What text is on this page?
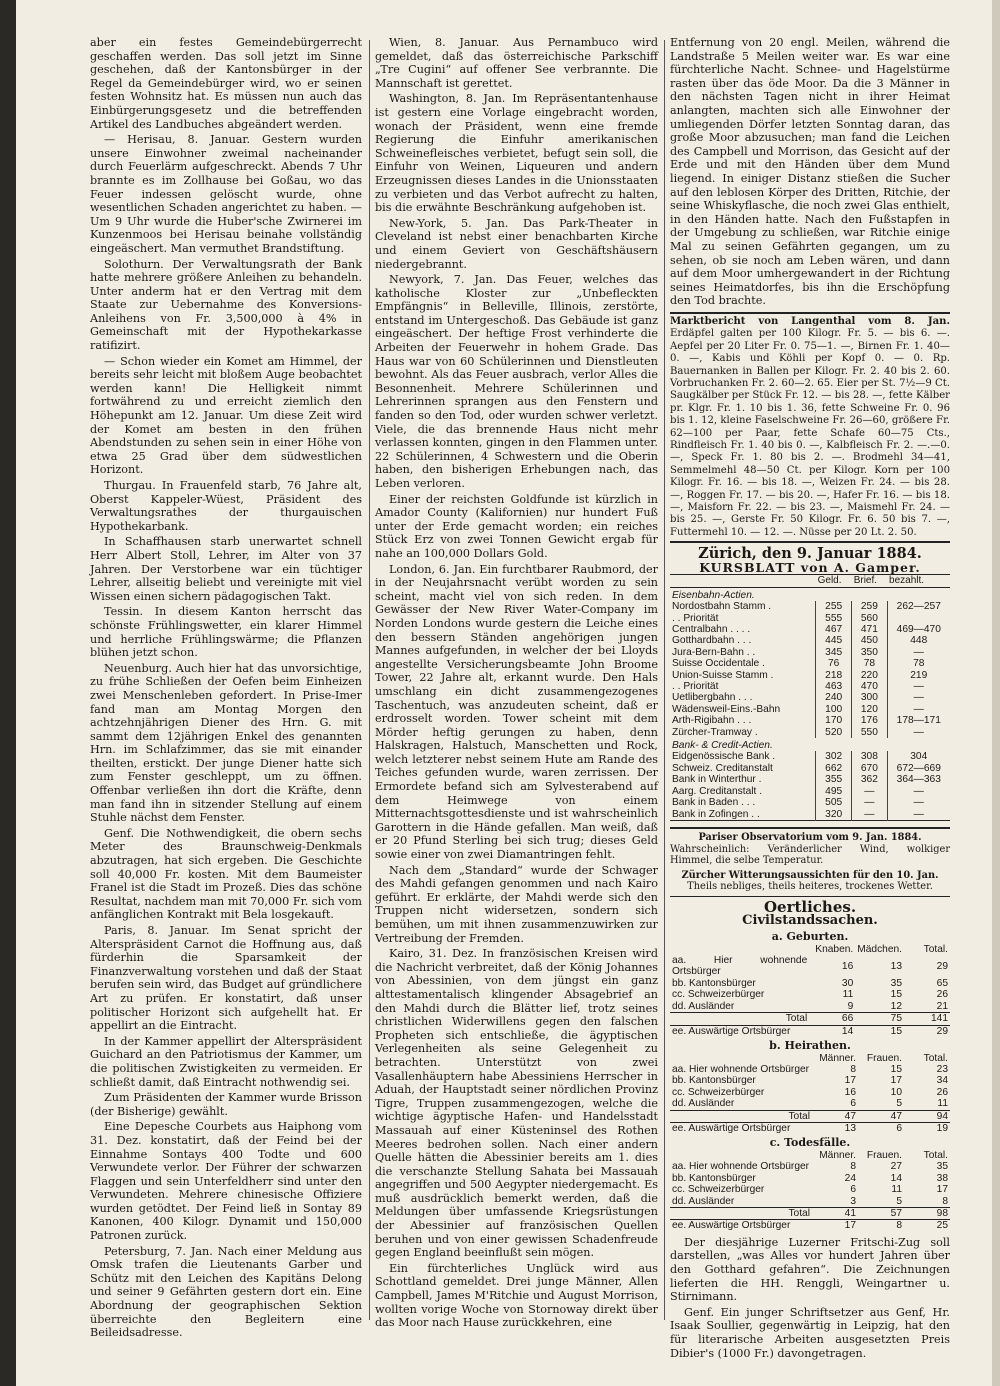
aber ein festes Gemeindebürgerrecht geschaffen werden. Das soll jetzt im Sinne geschehen, daß der Kantonsbürger in der Regel da Gemeindebürger wird, wo er seinen festen Wohnsitz hat. Es müssen nun auch das Einbürgerungsgesetz und die betreffenden Artikel des Landbuches abgeändert werden.

— Herisau, 8. Januar. Gestern wurden unsere Einwohner zweimal nacheinander durch Feuerlärm aufgeschreckt. Abends 7 Uhr brannte es im Zollhause bei Goßau, wo das Feuer indessen gelöscht wurde, ohne wesentlichen Schaden angerichtet zu haben. — Um 9 Uhr wurde die Huber'sche Zwirnerei im Kunzenmoos bei Herisau beinahe vollständig eingeäschert. Man vermuthet Brandstiftung.

Solothurn. Der Verwaltungsrath der Bank hatte mehrere größere Anleihen zu behandeln. Unter anderm hat er den Vertrag mit dem Staate zur Uebernahme des Konversions-Anleihens von Fr. 3,500,000 à 4% in Gemeinschaft mit der Hypothekarkasse ratifizirt.

— Schon wieder ein Komet am Himmel, der bereits sehr leicht mit bloßem Auge beobachtet werden kann! Die Helligkeit nimmt fortwährend zu und erreicht ziemlich den Höhepunkt am 12. Januar. Um diese Zeit wird der Komet am besten in den frühen Abendstunden zu sehen sein in einer Höhe von etwa 25 Grad über dem südwestlichen Horizont.

Thurgau. In Frauenfeld starb, 76 Jahre alt, Oberst Kappeler-Wüest, Präsident des Verwaltungsrathes der thurgauischen Hypothekarbank.

In Schaffhausen starb unerwartet schnell Herr Albert Stoll, Lehrer, im Alter von 37 Jahren. Der Verstorbene war ein tüchtiger Lehrer, allseitig beliebt und vereinigte mit viel Wissen einen sichern pädagogischen Takt.

Tessin. In diesem Kanton herrscht das schönste Frühlingswetter, ein klarer Himmel und herrliche Frühlingswärme; die Pflanzen blühen jetzt schon.

Neuenburg. Auch hier hat das unvorsichtige, zu frühe Schließen der Oefen beim Einheizen zwei Menschenleben gefordert. In Prise-Imer fand man am Montag Morgen den achtzehnjährigen Diener des Hrn. G. mit sammt dem 12jährigen Enkel des genannten Hrn. im Schlafzimmer, das sie mit einander theilten, erstickt. Der junge Diener hatte sich zum Fenster geschleppt, um zu öffnen. Offenbar verließen ihn dort die Kräfte, denn man fand ihn in sitzender Stellung auf einem Stuhle nächst dem Fenster.

Genf. Die Nothwendigkeit, die obern sechs Meter des Braunschweig-Denkmals abzutragen, hat sich ergeben. Die Geschichte soll 40,000 Fr. kosten. Mit dem Baumeister Franel ist die Stadt im Prozeß. Dies das schöne Resultat, nachdem man mit 70,000 Fr. sich vom anfänglichen Kontrakt mit Bela losgekauft.

Paris, 8. Januar. Im Senat spricht der Alterspräsident Carnot die Hoffnung aus, daß fürderhin die Sparsamkeit der Finanzverwaltung vorstehen und daß der Staat berufen sein wird, das Budget auf gründlichere Art zu prüfen. Er konstatirt, daß unser politischer Horizont sich aufgehellt hat. Er appellirt an die Eintracht.

In der Kammer appellirt der Alterspräsident Guichard an den Patriotismus der Kammer, um die politischen Zwistigkeiten zu vermeiden. Er schließt damit, daß Eintracht nothwendig sei.

Zum Präsidenten der Kammer wurde Brisson (der Bisherige) gewählt.

Eine Depesche Courbets aus Haiphong vom 31. Dez. konstatirt, daß der Feind bei der Einnahme Sontays 400 Todte und 600 Verwundete verlor. Der Führer der schwarzen Flaggen und sein Unterfeldherr sind unter den Verwundeten. Mehrere chinesische Offiziere wurden getödtet. Der Feind ließ in Sontay 89 Kanonen, 400 Kilogr. Dynamit und 150,000 Patronen zurück.

Petersburg, 7. Jan. Nach einer Meldung aus Omsk trafen die Lieutenants Garber und Schütz mit den Leichen des Kapitäns Delong und seiner 9 Gefährten gestern dort ein. Eine Abordnung der geographischen Sektion überreichte den Begleitern eine Beileidsadresse.

Wien, 8. Januar. Aus Pernambuco wird gemeldet, daß das österreichische Parkschiff „Tre Cugini“ auf offener See verbrannte. Die Mannschaft ist gerettet.

Washington, 8. Jan. Im Repräsentantenhause ist gestern eine Vorlage eingebracht worden, wonach der Präsident, wenn eine fremde Regierung die Einfuhr amerikanischen Schweinefleisches verbietet, befugt sein soll, die Einfuhr von Weinen, Liqueuren und andern Erzeugnissen dieses Landes in die Unionsstaaten zu verbieten und das Verbot aufrecht zu halten, bis die erwähnte Beschränkung aufgehoben ist.

New-York, 5. Jan. Das Park-Theater in Cleveland ist nebst einer benachbarten Kirche und einem Geviert von Geschäftshäusern niedergebrannt.

Newyork, 7. Jan. Das Feuer, welches das katholische Kloster zur „Unbefleckten Empfängnis“ in Belleville, Illinois, zerstörte, entstand im Untergeschoß. Das Gebäude ist ganz eingeäschert. Der heftige Frost verhinderte die Arbeiten der Feuerwehr in hohem Grade. Das Haus war von 60 Schülerinnen und Dienstleuten bewohnt. Als das Feuer ausbrach, verlor Alles die Besonnenheit. Mehrere Schülerinnen und Lehrerinnen sprangen aus den Fenstern und fanden so den Tod, oder wurden schwer verletzt. Viele, die das brennende Haus nicht mehr verlassen konnten, gingen in den Flammen unter. 22 Schülerinnen, 4 Schwestern und die Oberin haben, den bisherigen Erhebungen nach, das Leben verloren.

Einer der reichsten Goldfunde ist kürzlich in Amador County (Kalifornien) nur hundert Fuß unter der Erde gemacht worden; ein reiches Stück Erz von zwei Tonnen Gewicht ergab für nahe an 100,000 Dollars Gold.

London, 6. Jan. Ein furchtbarer Raubmord, der in der Neujahrsnacht verübt worden zu sein scheint, macht viel von sich reden. In dem Gewässer der New River Water-Company im Norden Londons wurde gestern die Leiche eines den bessern Ständen angehörigen jungen Mannes aufgefunden, in welcher der bei Lloyds angestellte Versicherungsbeamte John Broome Tower, 22 Jahre alt, erkannt wurde. Den Hals umschlang ein dicht zusammengezogenes Taschentuch, was anzudeuten scheint, daß er erdrosselt worden. Tower scheint mit dem Mörder heftig gerungen zu haben, denn Halskragen, Halstuch, Manschetten und Rock, welch letzterer nebst seinem Hute am Rande des Teiches gefunden wurde, waren zerrissen. Der Ermordete befand sich am Sylvesterabend auf dem Heimwege von einem Mitternachtsgottesdienste und ist wahrscheinlich Garottern in die Hände gefallen. Man weiß, daß er 20 Pfund Sterling bei sich trug; dieses Geld sowie einer von zwei Diamantringen fehlt.

Nach dem „Standard“ wurde der Schwager des Mahdi gefangen genommen und nach Kairo geführt. Er erklärte, der Mahdi werde sich den Truppen nicht widersetzen, sondern sich bemühen, um mit ihnen zusammenzuwirken zur Vertreibung der Fremden.

Kairo, 31. Dez. In französischen Kreisen wird die Nachricht verbreitet, daß der König Johannes von Abessinien, von dem jüngst ein ganz alttestamentalisch klingender Absagebrief an den Mahdi durch die Blätter lief, trotz seines christlichen Widerwillens gegen den falschen Propheten sich entschließe, die ägyptischen Verlegenheiten als seine Gelegenheit zu betrachten. Unterstützt von zwei Vasallenhäuptern habe Abessiniens Herrscher in Aduah, der Hauptstadt seiner nördlichen Provinz Tigre, Truppen zusammengezogen, welche die wichtige ägyptische Hafen- und Handelsstadt Massauah auf einer Küsteninsel des Rothen Meeres bedrohen sollen. Nach einer andern Quelle hätten die Abessinier bereits am 1. dies die verschanzte Stellung Sahata bei Massauah angegriffen und 500 Aegypter niedergemacht. Es muß ausdrücklich bemerkt werden, daß die Meldungen über umfassende Kriegsrüstungen der Abessinier auf französischen Quellen beruhen und von einer gewissen Schadenfreude gegen England beeinflußt sein mögen.

Ein fürchterliches Unglück wird aus Schottland gemeldet. Drei junge Männer, Allen Campbell, James M'Ritchie und August Morrison, wollten vorige Woche von Stornoway direkt über das Moor nach Hause zurückkehren, eine

Entfernung von 20 engl. Meilen, während die Landstraße 5 Meilen weiter war. Es war eine fürchterliche Nacht. Schnee- und Hagelstürme rasten über das öde Moor. Da die 3 Männer in den nächsten Tagen nicht in ihrer Heimat anlangten, machten sich alle Einwohner der umliegenden Dörfer letzten Sonntag daran, das große Moor abzusuchen; man fand die Leichen des Campbell und Morrison, das Gesicht auf der Erde und mit den Händen über dem Mund liegend. In einiger Distanz stießen die Sucher auf den leblosen Körper des Dritten, Ritchie, der seine Whiskyflasche, die noch zwei Glas enthielt, in den Händen hatte. Nach den Fußstapfen in der Umgebung zu schließen, war Ritchie einige Mal zu seinen Gefährten gegangen, um zu sehen, ob sie noch am Leben wären, und dann auf dem Moor umhergewandert in der Richtung seines Heimatdorfes, bis ihn die Erschöpfung den Tod brachte.

Marktbericht von Langenthal vom 8. Jan. Erdäpfel galten per 100 Kilogr. Fr. 5. — bis 6. —. Aepfel per 20 Liter Fr. 0. 75—1. —, Birnen Fr. 1. 40—0. —, Kabis und Köhli per Kopf 0. — 0. Rp. Bauernanken in Ballen per Kilogr. Fr. 2. 40 bis 2. 60. Vorbruchanken Fr. 2. 60—2. 65. Eier per St. 7½—9 Ct. Saugkälber per Stück Fr. 12. — bis 28. —, fette Kälber pr. Klgr. Fr. 1. 10 bis 1. 36, fette Schweine Fr. 0. 96 bis 1. 12, kleine Faselschweine Fr. 26—60, größere Fr. 62—100 per Paar, fette Schafe 60—75 Cts., Rindfleisch Fr. 1. 40 bis 0. —, Kalbfleisch Fr. 2. —.—0. —, Speck Fr. 1. 80 bis 2. —. Brodmehl 34—41, Semmelmehl 48—50 Ct. per Kilogr. Korn per 100 Kilogr. Fr. 16. — bis 18. —, Weizen Fr. 24. — bis 28. —, Roggen Fr. 17. — bis 20. —, Hafer Fr. 16. — bis 18. —, Maisforn Fr. 22. — bis 23. —, Maismehl Fr. 24. — bis 25. —, Gerste Fr. 50 Kilogr. Fr. 6. 50 bis 7. —, Futtermehl 10. — 12. —. Nüsse per 20 Lt. 2. 50.
Zürich, den 9. Januar 1884.
KURSBLATT von A. Gamper.
	Geld.	Brief.	bezahlt.
Eisenbahn-Actien.			
Nordostbahn Stamm .	255	259	262—257
. . Priorität	555	560	
Centralbahn . . . .	467	471	469—470
Gotthardbahn . . .	445	450	448
Jura-Bern-Bahn . .	345	350	—
Suisse Occidentale .	76	78	78
Union-Suisse Stamm .	218	220	219
. . Priorität	463	470	—
Uetlibergbahn . . .	240	300	—
Wädensweil-Eins.-Bahn	100	120	—
Arth-Rigibahn . . .	170	176	178—171
Zürcher-Tramway .	520	550	—
Bank- & Credit-Actien.			
Eidgenössische Bank .	302	308	304
Schweiz. Creditanstalt	662	670	672—669
Bank in Winterthur .	355	362	364—363
Aarg. Creditanstalt .	495	—	—
Bank in Baden . . .	505	—	—
Bank in Zofingen . .	320	—	—
Pariser Observatorium vom 9. Jan. 1884.
Wahrscheinlich: Veränderlicher Wind, wolkiger Himmel, die selbe Temperatur.
Zürcher Witterungsaussichten für den 10. Jan.
Theils nebliges, theils heiteres, trockenes Wetter.
Oertliches.
Civilstandssachen.
a. Geburten.
	Knaben.	Mädchen.	Total.
aa. Hier wohnende Ortsbürger	16	13	29
bb. Kantonsbürger	30	35	65
cc. Schweizerbürger	11	15	26
dd. Ausländer	9	12	21
Total	66	75	141
ee. Auswärtige Ortsbürger	14	15	29
b. Heirathen.
	Männer.	Frauen.	Total.
aa. Hier wohnende Ortsbürger	8	15	23
bb. Kantonsbürger	17	17	34
cc. Schweizerbürger	16	10	26
dd. Ausländer	6	5	11
Total	47	47	94
ee. Auswärtige Ortsbürger	13	6	19
c. Todesfälle.
	Männer.	Frauen.	Total.
aa. Hier wohnende Ortsbürger	8	27	35
bb. Kantonsbürger	24	14	38
cc. Schweizerbürger	6	11	17
dd. Ausländer	3	5	8
Total	41	57	98
ee. Auswärtige Ortsbürger	17	8	25

Der diesjährige Luzerner Fritschi-Zug soll darstellen, „was Alles vor hundert Jahren über den Gotthard gefahren“. Die Zeichnungen lieferten die HH. Renggli, Weingartner u. Stirnimann.

Genf. Ein junger Schriftsetzer aus Genf, Hr. Isaak Soullier, gegenwärtig in Leipzig, hat den für literarische Arbeiten ausgesetzten Preis Dibier's (1000 Fr.) davongetragen.
